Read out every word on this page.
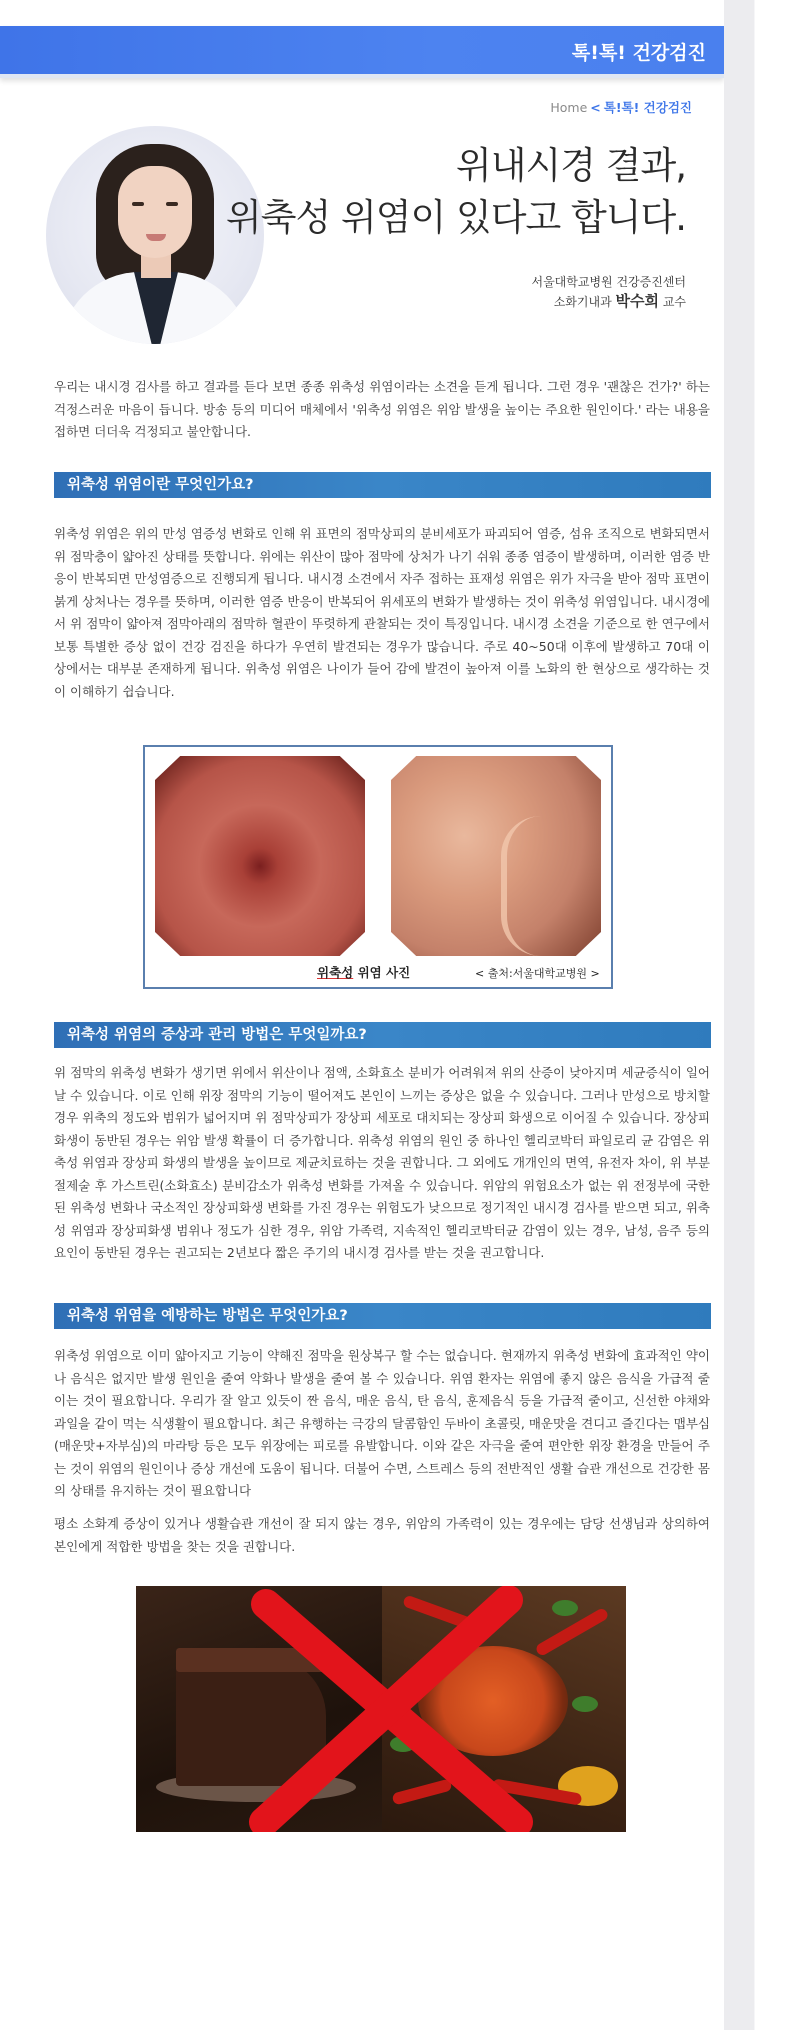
톡!톡! 건강검진
Home < 톡!톡! 건강검진
위내시경 결과,
위축성 위염이 있다고 합니다.
서울대학교병원 건강증진센터
소화기내과 박수희 교수

우리는 내시경 검사를 하고 결과를 듣다 보면 종종 위축성 위염이라는 소견을 듣게 됩니다. 그런 경우 '괜찮은 건가?' 하는 걱정스러운 마음이 듭니다. 방송 등의 미디어 매체에서 '위축성 위염은 위암 발생을 높이는 주요한 원인이다.' 라는 내용을 접하면 더더욱 걱정되고 불안합니다.

위축성 위염이란 무엇인가요?

위축성 위염은 위의 만성 염증성 변화로 인해 위 표면의 점막상피의 분비세포가 파괴되어 염증, 섬유 조직으로 변화되면서 위 점막층이 얇아진 상태를 뜻합니다. 위에는 위산이 많아 점막에 상처가 나기 쉬워 종종 염증이 발생하며, 이러한 염증 반응이 반복되면 만성염증으로 진행되게 됩니다. 내시경 소견에서 자주 접하는 표재성 위염은 위가 자극을 받아 점막 표면이 붉게 상처나는 경우를 뜻하며, 이러한 염증 반응이 반복되어 위세포의 변화가 발생하는 것이 위축성 위염입니다. 내시경에서 위 점막이 얇아져 점막아래의 점막하 혈관이 뚜렷하게 관찰되는 것이 특징입니다. 내시경 소견을 기준으로 한 연구에서 보통 특별한 증상 없이 건강 검진을 하다가 우연히 발견되는 경우가 많습니다. 주로 40~50대 이후에 발생하고 70대 이상에서는 대부분 존재하게 됩니다. 위축성 위염은 나이가 들어 감에 발견이 높아져 이를 노화의 한 현상으로 생각하는 것이 이해하기 쉽습니다.

위축성 위염 사진	< 출처:서울대학교병원 >
위축성 위염의 증상과 관리 방법은 무엇일까요?

위 점막의 위축성 변화가 생기면 위에서 위산이나 점액, 소화효소 분비가 어려워져 위의 산증이 낮아지며 세균증식이 일어날 수 있습니다. 이로 인해 위장 점막의 기능이 떨어져도 본인이 느끼는 증상은 없을 수 있습니다. 그러나 만성으로 방치할 경우 위축의 정도와 범위가 넓어지며 위 점막상피가 장상피 세포로 대치되는 장상피 화생으로 이어질 수 있습니다. 장상피 화생이 동반된 경우는 위암 발생 확률이 더 증가합니다. 위축성 위염의 원인 중 하나인 헬리코박터 파일로리 균 감염은 위축성 위염과 장상피 화생의 발생을 높이므로 제균치료하는 것을 권합니다. 그 외에도 개개인의 면역, 유전자 차이, 위 부분 절제술 후 가스트린(소화효소) 분비감소가 위축성 변화를 가져올 수 있습니다. 위암의 위험요소가 없는 위 전정부에 국한된 위축성 변화나 국소적인 장상피화생 변화를 가진 경우는 위험도가 낮으므로 정기적인 내시경 검사를 받으면 되고, 위축성 위염과 장상피화생 범위나 정도가 심한 경우, 위암 가족력, 지속적인 헬리코박터균 감염이 있는 경우, 남성, 음주 등의 요인이 동반된 경우는 권고되는 2년보다 짧은 주기의 내시경 검사를 받는 것을 권고합니다.

위축성 위염을 예방하는 방법은 무엇인가요?

위축성 위염으로 이미 얇아지고 기능이 약해진 점막을 원상복구 할 수는 없습니다. 현재까지 위축성 변화에 효과적인 약이나 음식은 없지만 발생 원인을 줄여 악화나 발생을 줄여 볼 수 있습니다. 위염 환자는 위염에 좋지 않은 음식을 가급적 줄이는 것이 필요합니다. 우리가 잘 알고 있듯이 짠 음식, 매운 음식, 탄 음식, 훈제음식 등을 가급적 줄이고, 신선한 야채와 과일을 같이 먹는 식생활이 필요합니다. 최근 유행하는 극강의 달콤함인 두바이 초콜릿, 매운맛을 견디고 즐긴다는 맵부심(매운맛+자부심)의 마라탕 등은 모두 위장에는 피로를 유발합니다. 이와 같은 자극을 줄여 편안한 위장 환경을 만들어 주는 것이 위염의 원인이나 증상 개선에 도움이 됩니다. 더불어 수면, 스트레스 등의 전반적인 생활 습관 개선으로 건강한 몸의 상태를 유지하는 것이 필요합니다

평소 소화계 증상이 있거나 생활습관 개선이 잘 되지 않는 경우, 위암의 가족력이 있는 경우에는 담당 선생님과 상의하여 본인에게 적합한 방법을 찾는 것을 권합니다.
